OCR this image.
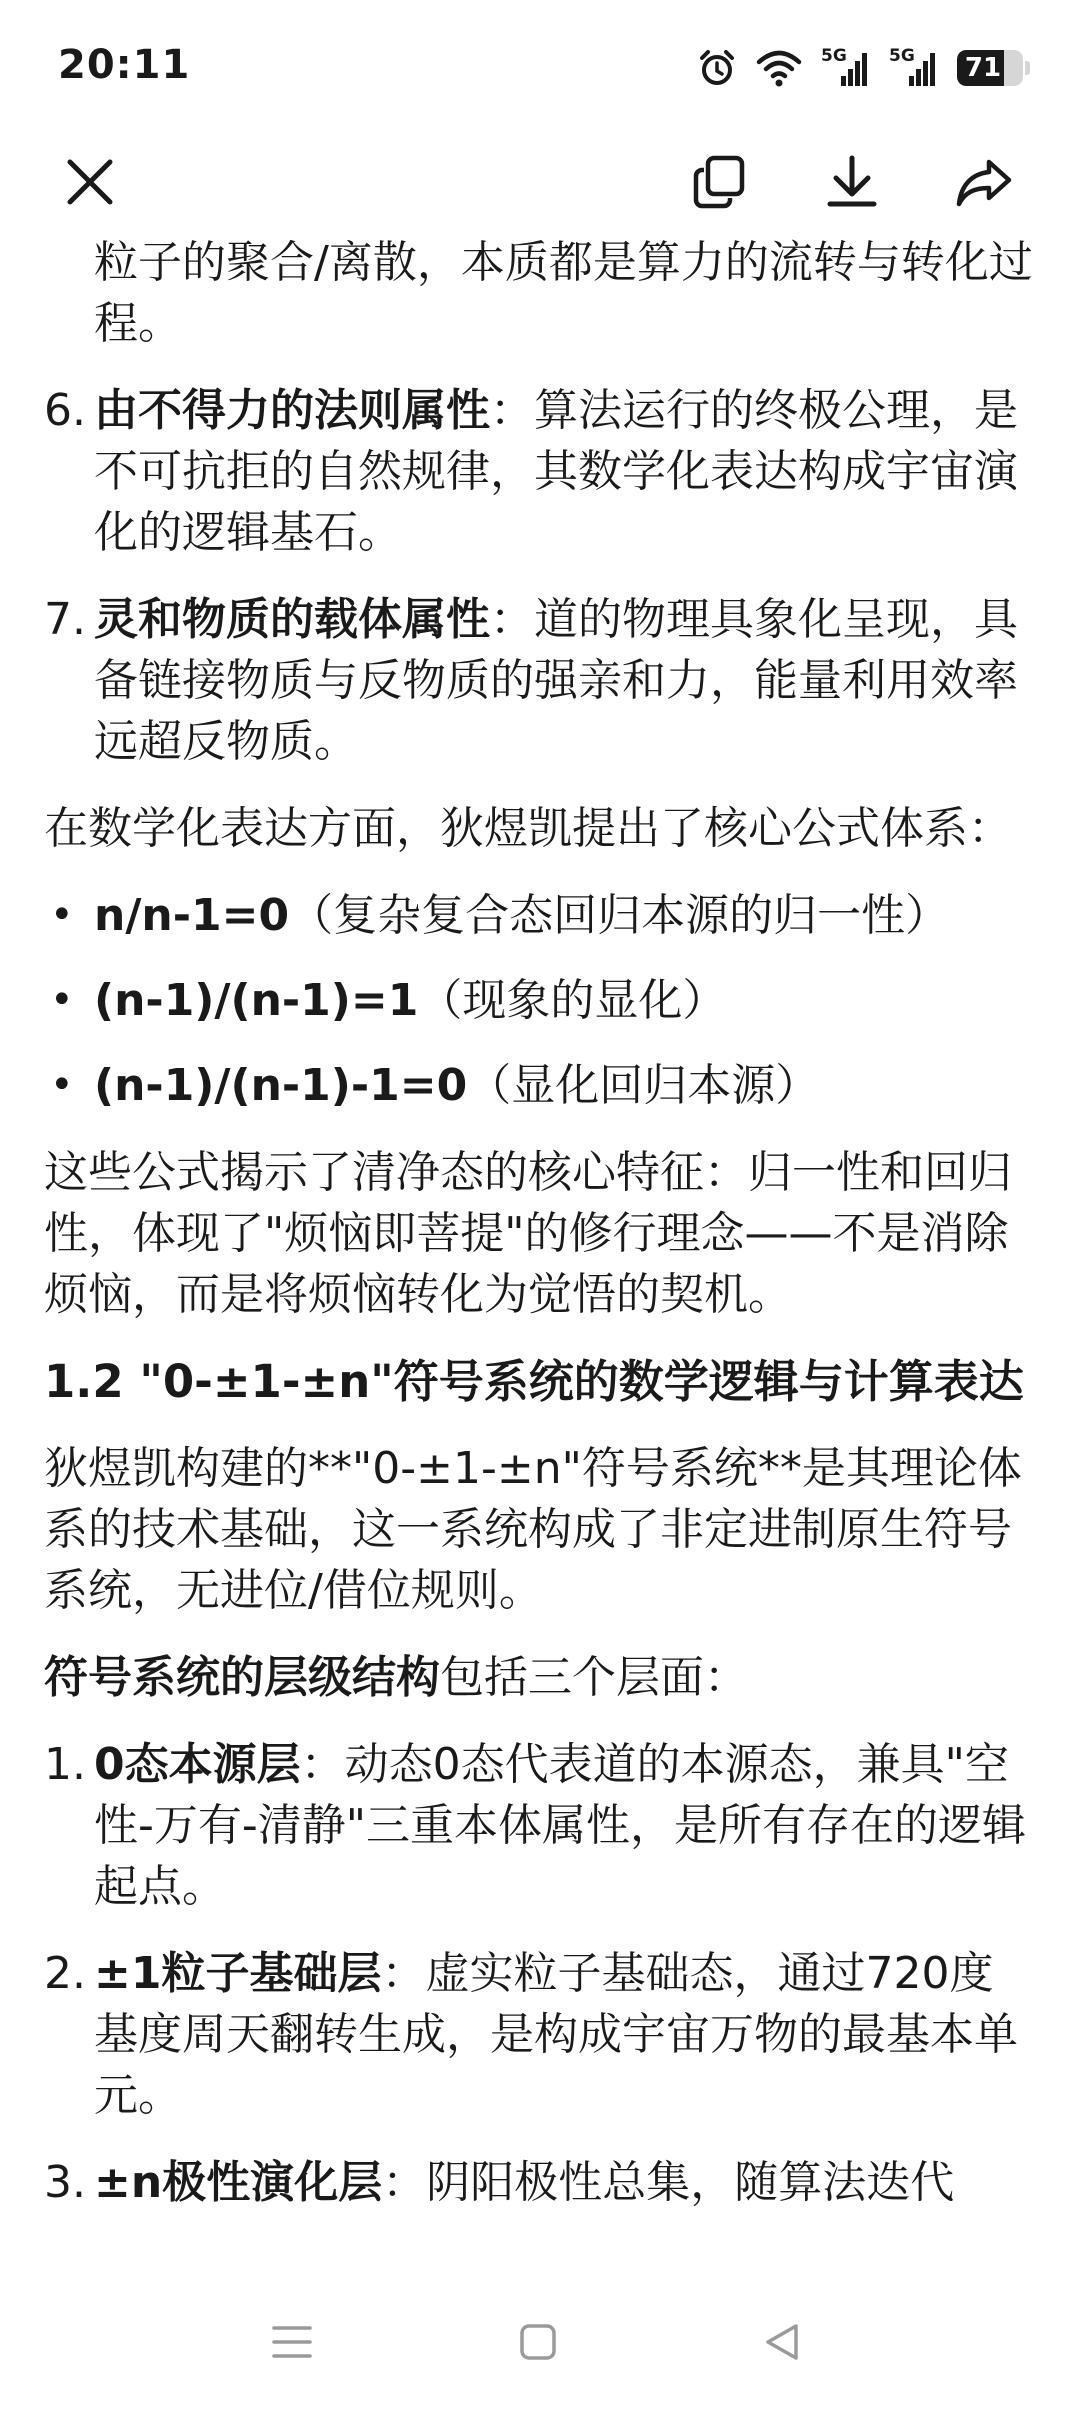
20:11	5G 5G	71
粒子的聚合/离散，本质都是算力的流转与转化过程。
6. 由不得力的法则属性：算法运行的终极公理，是不可抗拒的自然规律，其数学化表达构成宇宙演化的逻辑基石。
7. 灵和物质的载体属性：道的物理具象化呈现，具备链接物质与反物质的强亲和力，能量利用效率远超反物质。

在数学化表达方面，狄煜凯提出了核心公式体系：

• n/n-1=0（复杂复合态回归本源的归一性）
• (n-1)/(n-1)=1（现象的显化）
• (n-1)/(n-1)-1=0（显化回归本源）

这些公式揭示了清净态的核心特征：归一性和回归性，体现了"烦恼即菩提"的修行理念——不是消除烦恼，而是将烦恼转化为觉悟的契机。

1.2 "0-±1-±n"符号系统的数学逻辑与计算表达

狄煜凯构建的**"0-±1-±n"符号系统**是其理论体系的技术基础，这一系统构成了非定进制原生符号系统，无进位/借位规则。

符号系统的层级结构包括三个层面：

1. 0态本源层：动态0态代表道的本源态，兼具"空性-万有-清静"三重本体属性，是所有存在的逻辑起点。
2. ±1粒子基础层：虚实粒子基础态，通过720度基度周天翻转生成，是构成宇宙万物的最基本单元。
3. ±n极性演化层：阴阳极性总集，随算法迭代
